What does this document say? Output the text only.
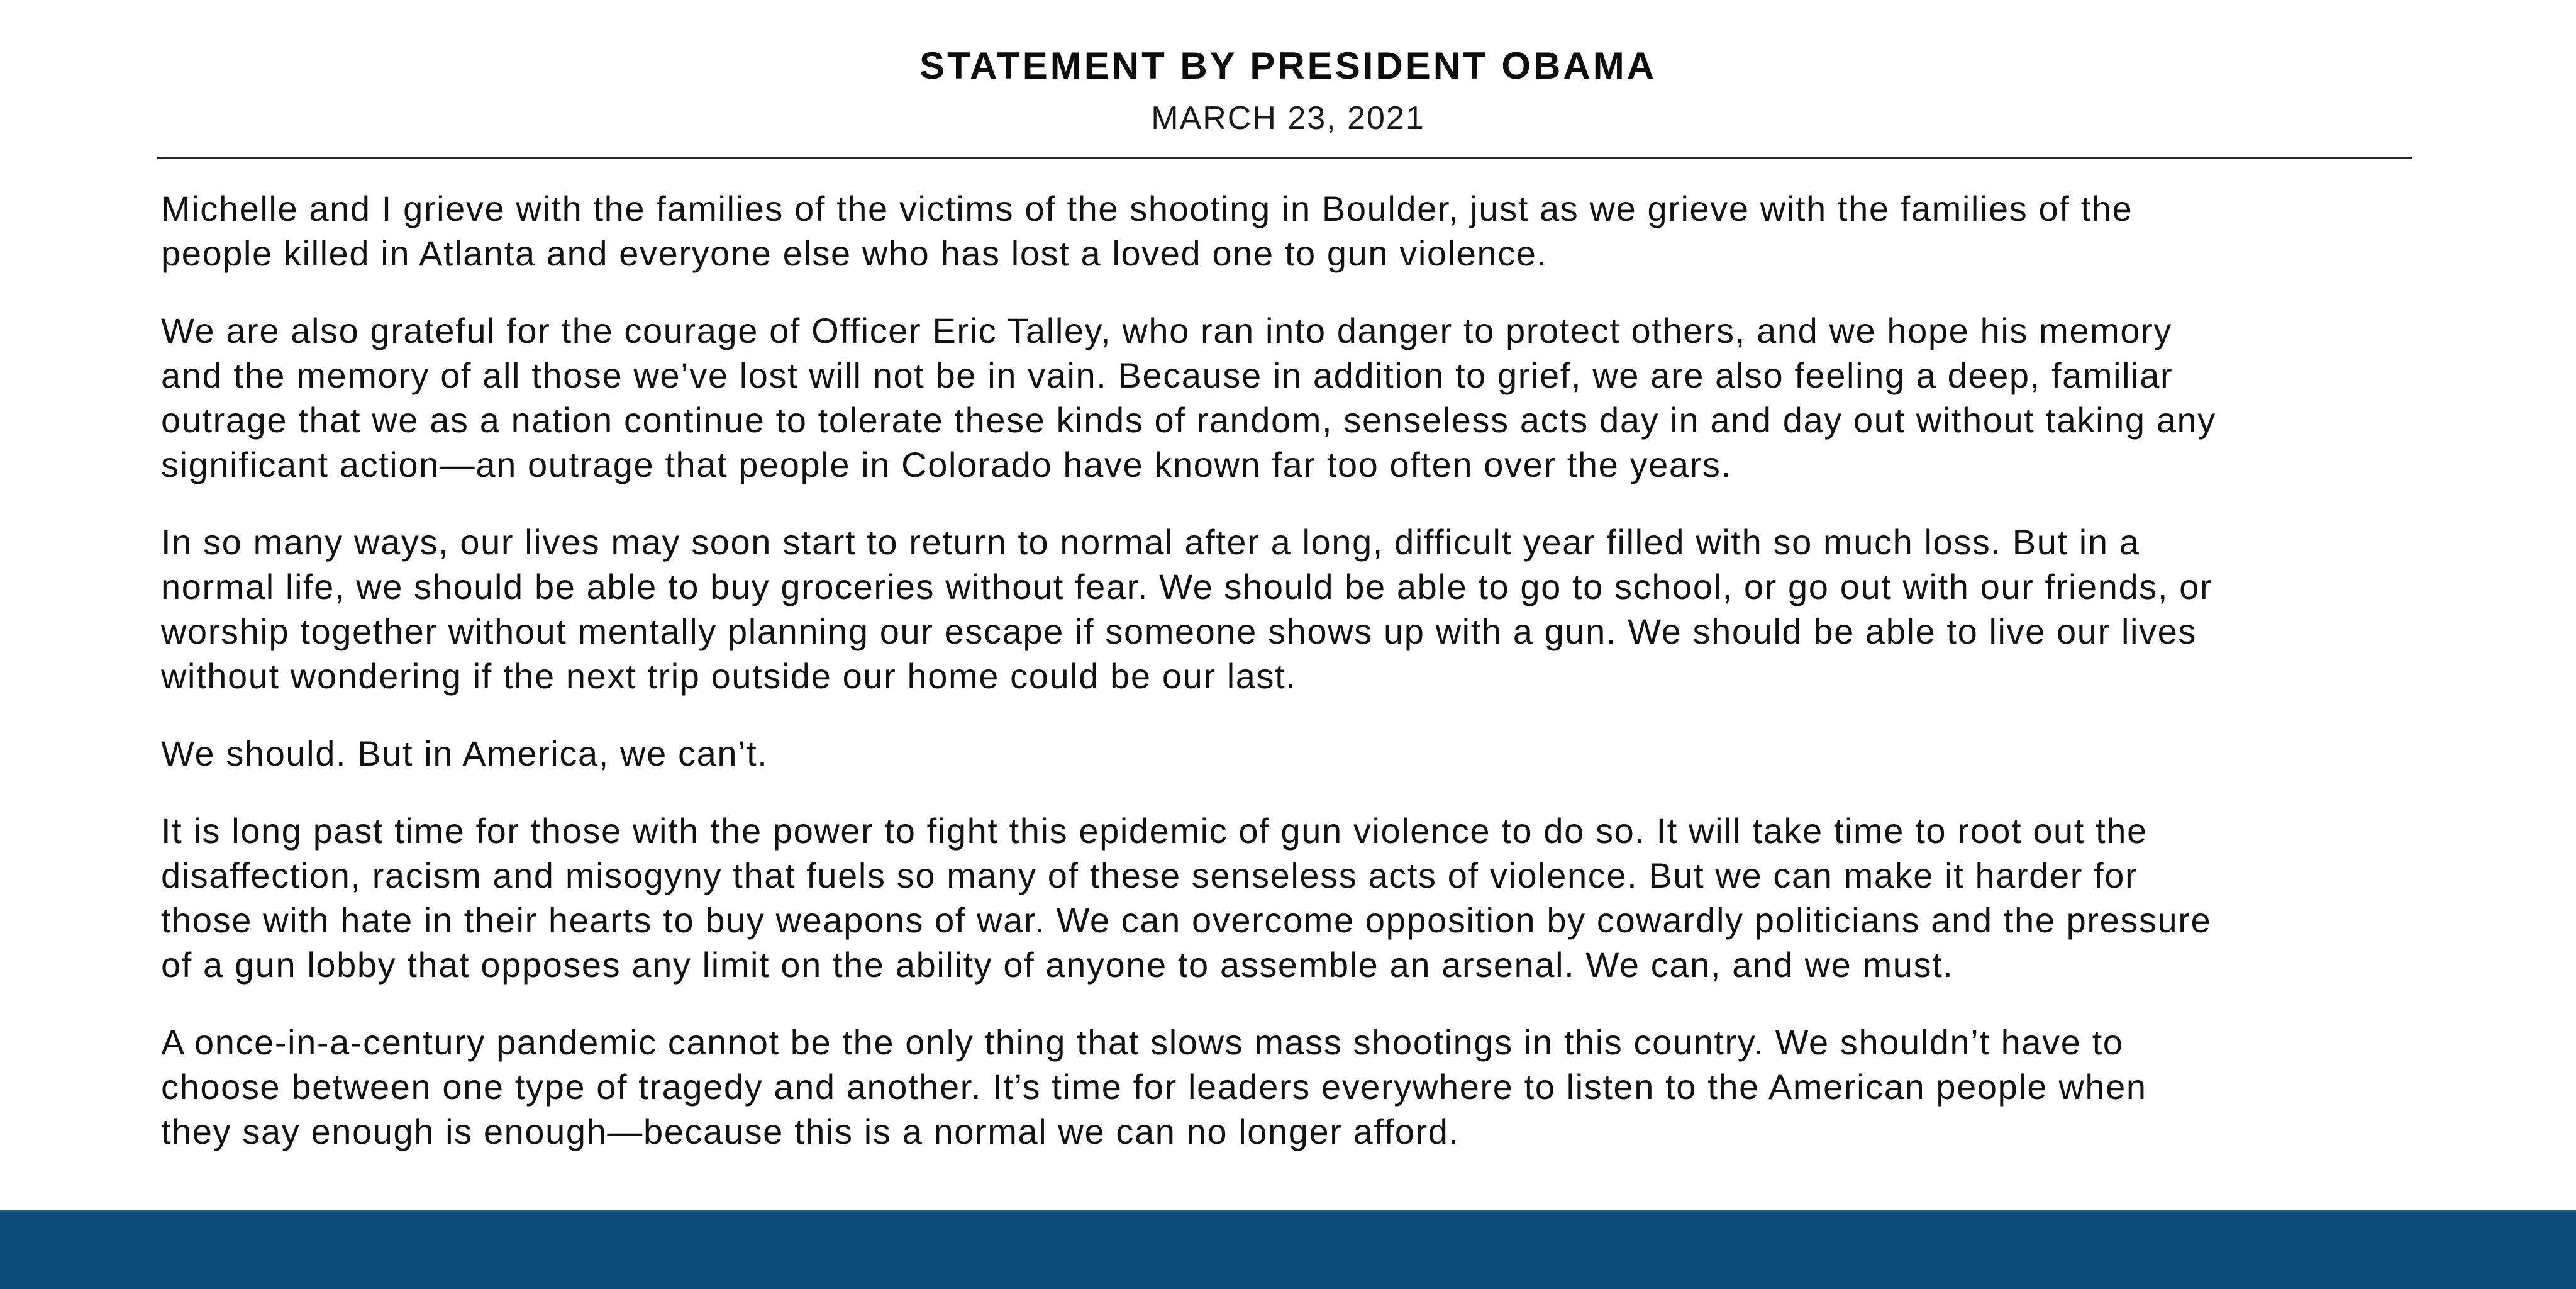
STATEMENT BY PRESIDENT OBAMA
MARCH 23, 2021
Michelle and I grieve with the families of the victims of the shooting in Boulder, just as we grieve with the families of the
people killed in Atlanta and everyone else who has lost a loved one to gun violence.
We are also grateful for the courage of Officer Eric Talley, who ran into danger to protect others, and we hope his memory
and the memory of all those we’ve lost will not be in vain. Because in addition to grief, we are also feeling a deep, familiar
outrage that we as a nation continue to tolerate these kinds of random, senseless acts day in and day out without taking any
significant action—an outrage that people in Colorado have known far too often over the years.
In so many ways, our lives may soon start to return to normal after a long, difficult year filled with so much loss. But in a
normal life, we should be able to buy groceries without fear. We should be able to go to school, or go out with our friends, or
worship together without mentally planning our escape if someone shows up with a gun. We should be able to live our lives
without wondering if the next trip outside our home could be our last.
We should. But in America, we can’t.
It is long past time for those with the power to fight this epidemic of gun violence to do so. It will take time to root out the
disaffection, racism and misogyny that fuels so many of these senseless acts of violence. But we can make it harder for
those with hate in their hearts to buy weapons of war. We can overcome opposition by cowardly politicians and the pressure
of a gun lobby that opposes any limit on the ability of anyone to assemble an arsenal. We can, and we must.
A once-in-a-century pandemic cannot be the only thing that slows mass shootings in this country. We shouldn’t have to
choose between one type of tragedy and another. It’s time for leaders everywhere to listen to the American people when
they say enough is enough—because this is a normal we can no longer afford.
